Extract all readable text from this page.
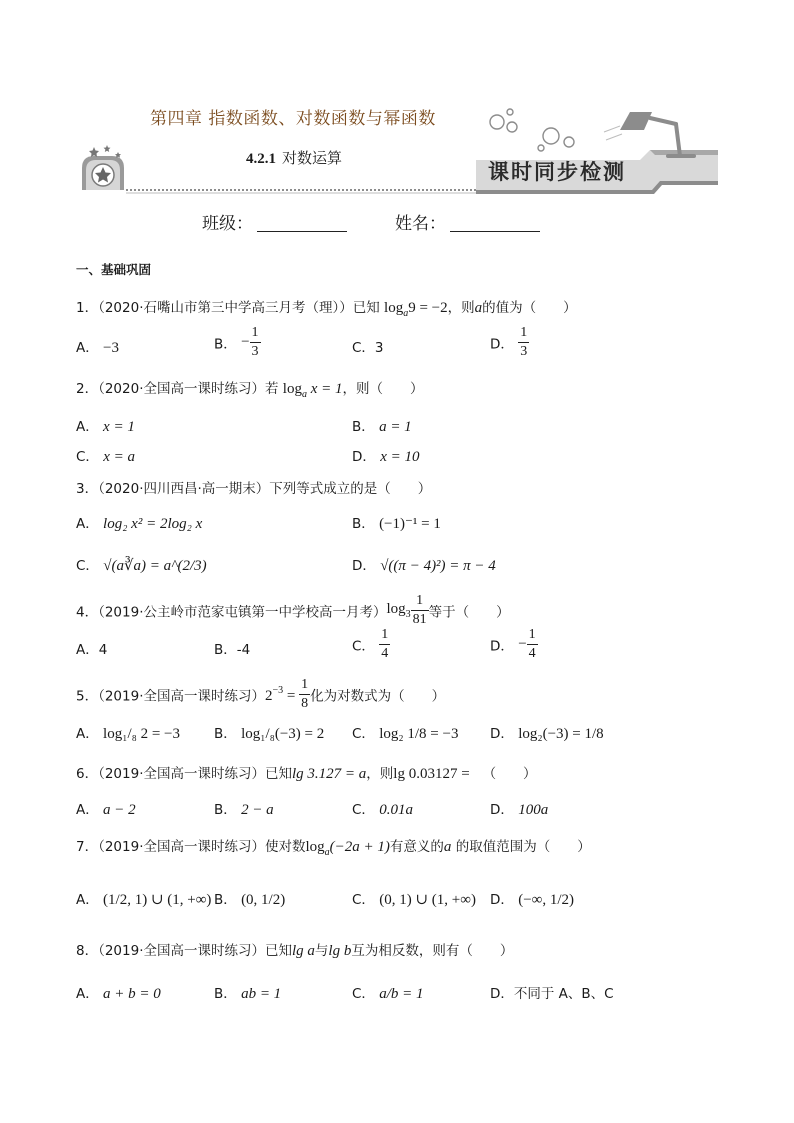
第四章 指数函数、对数函数与幂函数
4.2.1 对数运算
课时同步检测
班级：	姓名：
一、基础巩固
1．（2020·石嘴山市第三中学高三月考（理））已知 $\log_a9 = -2$，则a的值为（　　）
A． −3	B． − $\frac{1}{3}$	C．3	D． $\frac{1}{3}$
2．（2020·全国高一课时练习）若 $\log_a x = 1$，则（　　）
A． x = 1	B． a = 1
C． x = a	D． x = 10
3．（2020·四川西昌·高一期末）下列等式成立的是（　　）
A． log₂ x² = 2log₂ x	B． (−1)⁻¹ = 1
C． √(a∛a) = a^(2/3)	D． √((π − 4)²) = π − 4
4．（2019·公主岭市范家屯镇第一中学校高一月考）$\log_3 \frac{1}{81}$ 等于（　　）
A．4	B．-4	C． $\frac{1}{4}$	D． − $\frac{1}{4}$
5．（2019·全国高一课时练习）$2^{-3} = \frac{1}{8}$ 化为对数式为（　　）
A． log₁/₈ 2 = −3	B． log₁/₈(−3) = 2 C． log₂ 1/8 = −3 D． log₂(−3) = 1/8
6．（2019·全国高一课时练习）已知lg 3.127 = a，则lg 0.03127 = （　　）
A． a − 2	B． 2 − a	C． 0.01a	D． 100a
7．（2019·全国高一课时练习）使对数$\log_a(-2a + 1)$有意义的a 的取值范围为（　　）
A． (1/2, 1) ∪ (1, +∞) B． (0, 1/2)	C． (0, 1) ∪ (1, +∞) D． (−∞, 1/2)
8．（2019·全国高一课时练习）已知lg a与lg b互为相反数，则有（　　）
A． a + b = 0	B． ab = 1	C． a/b = 1	D．不同于 A、B、C
